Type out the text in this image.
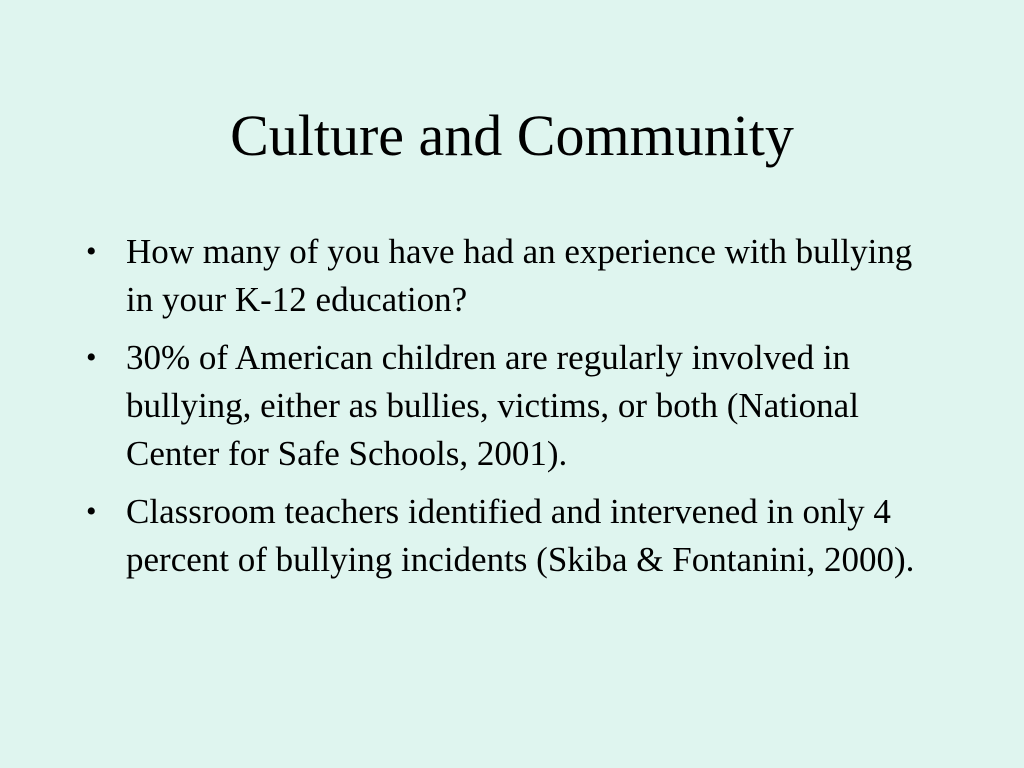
Culture and Community
• How many of you have had an experience with bullying in your K-12 education?
• 30% of American children are regularly involved in bullying, either as bullies, victims, or both (National Center for Safe Schools, 2001).
• Classroom teachers identified and intervened in only 4 percent of bullying incidents (Skiba & Fontanini, 2000).
